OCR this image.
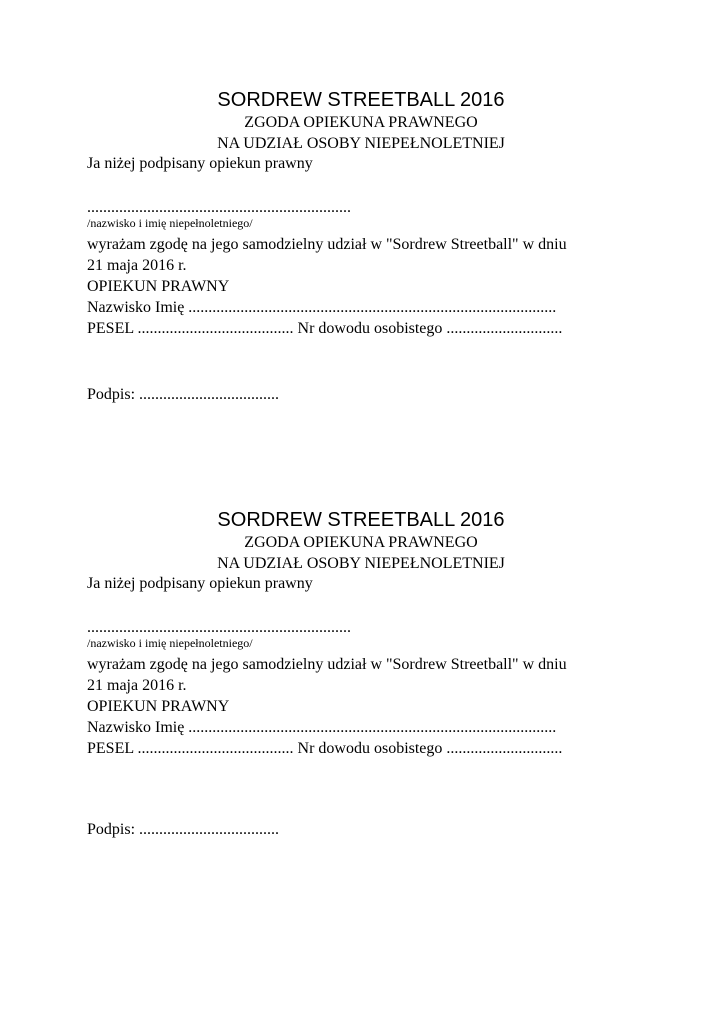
SORDREW STREETBALL 2016
ZGODA OPIEKUNA PRAWNEGO
NA UDZIAŁ OSOBY NIEPEŁNOLETNIEJ
Ja niżej podpisany opiekun prawny
..................................................................
/nazwisko i imię niepełnoletniego/
wyrażam zgodę na jego samodzielny udział w "Sordrew Streetball" w dniu
21 maja 2016 r.
OPIEKUN PRAWNY
Nazwisko Imię ............................................................................................
PESEL ....................................... Nr dowodu osobistego .............................
Podpis: ...................................
SORDREW STREETBALL 2016
ZGODA OPIEKUNA PRAWNEGO
NA UDZIAŁ OSOBY NIEPEŁNOLETNIEJ
Ja niżej podpisany opiekun prawny
..................................................................
/nazwisko i imię niepełnoletniego/
wyrażam zgodę na jego samodzielny udział w "Sordrew Streetball" w dniu
21 maja 2016 r.
OPIEKUN PRAWNY
Nazwisko Imię ............................................................................................
PESEL ....................................... Nr dowodu osobistego .............................
Podpis: ...................................
